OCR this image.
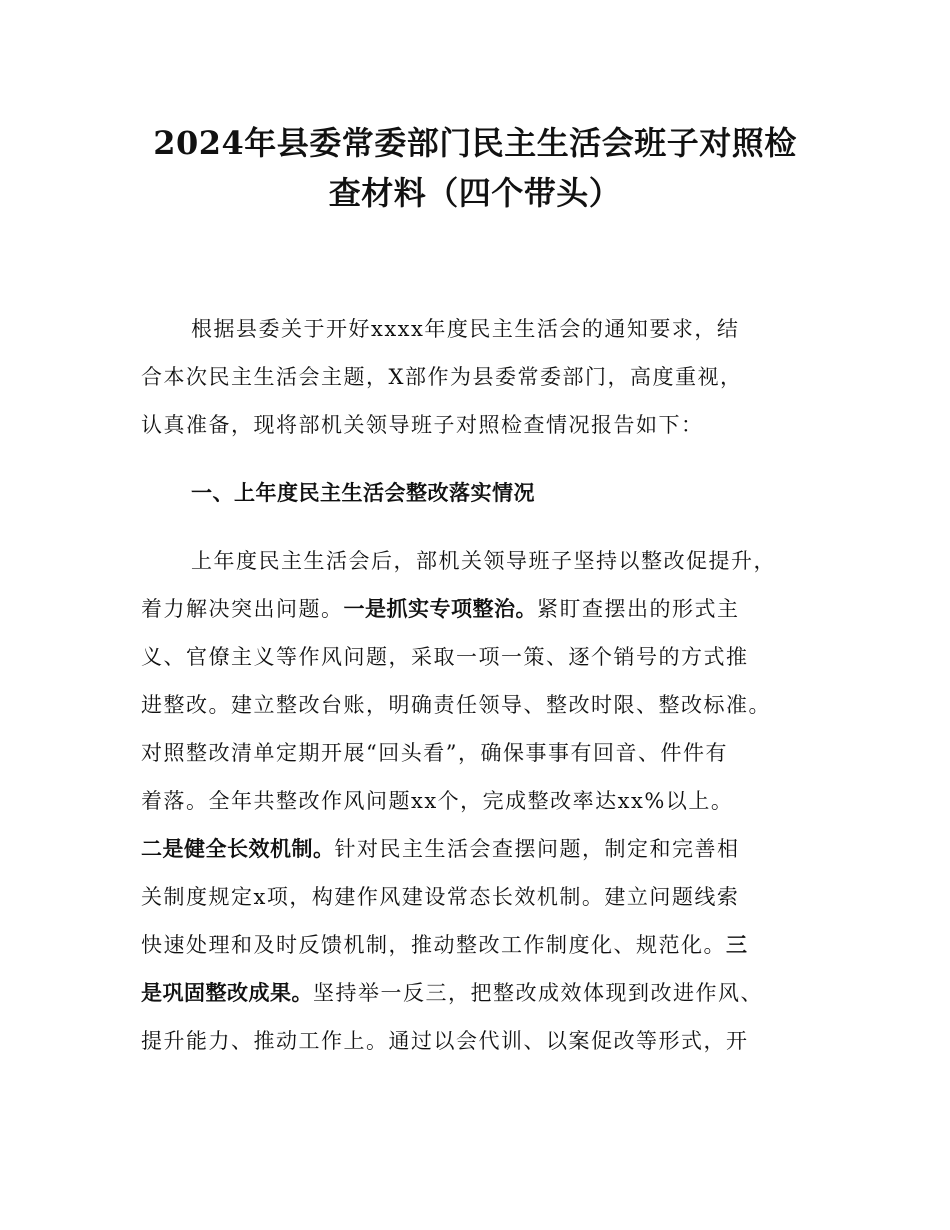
2024年县委常委部门民主生活会班子对照检
查材料（四个带头）
根据县委关于开好xxxx年度民主生活会的通知要求，结
合本次民主生活会主题，X部作为县委常委部门，高度重视，
认真准备，现将部机关领导班子对照检查情况报告如下：
一、上年度民主生活会整改落实情况
上年度民主生活会后，部机关领导班子坚持以整改促提升，
着力解决突出问题。一是抓实专项整治。紧盯查摆出的形式主
义、官僚主义等作风问题，采取一项一策、逐个销号的方式推
进整改。建立整改台账，明确责任领导、整改时限、整改标准。
对照整改清单定期开展“回头看”，确保事事有回音、件件有
着落。全年共整改作风问题xx个，完成整改率达xx%以上。
二是健全长效机制。针对民主生活会查摆问题，制定和完善相
关制度规定x项，构建作风建设常态长效机制。建立问题线索
快速处理和及时反馈机制，推动整改工作制度化、规范化。三
是巩固整改成果。坚持举一反三，把整改成效体现到改进作风、
提升能力、推动工作上。通过以会代训、以案促改等形式，开
